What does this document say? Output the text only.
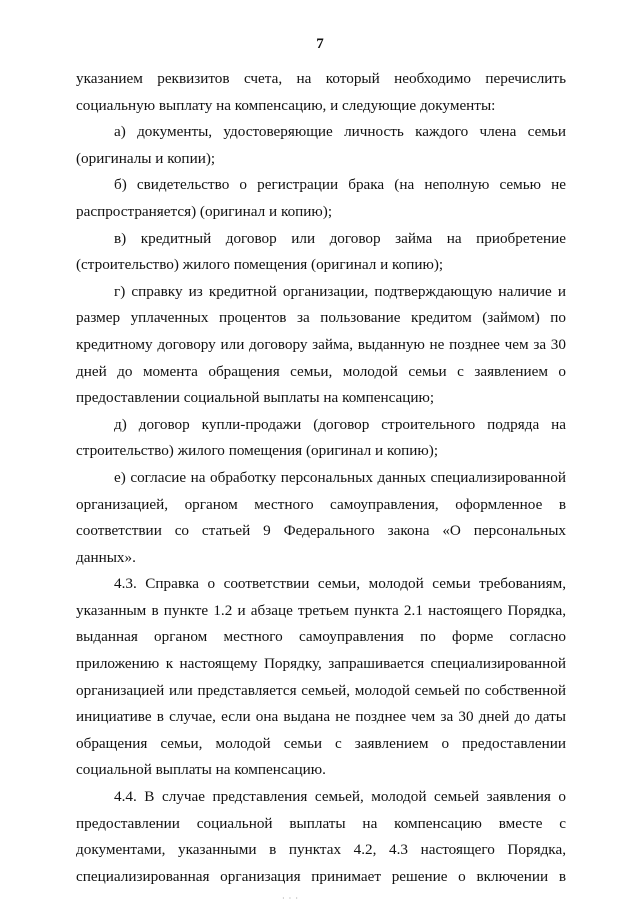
7

указанием реквизитов счета, на который необходимо перечислить социальную выплату на компенсацию, и следующие документы:

а) документы, удостоверяющие личность каждого члена семьи (оригиналы и копии);

б) свидетельство о регистрации брака (на неполную семью не распространяется) (оригинал и копию);

в) кредитный договор или договор займа на приобретение (строительство) жилого помещения (оригинал и копию);

г) справку из кредитной организации, подтверждающую наличие и размер уплаченных процентов за пользование кредитом (займом) по кредитному договору или договору займа, выданную не позднее чем за 30 дней до момента обращения семьи, молодой семьи с заявлением о предоставлении социальной выплаты на компенсацию;

д) договор купли-продажи (договор строительного подряда на строительство) жилого помещения (оригинал и копию);

е) согласие на обработку персональных данных специализированной организацией, органом местного самоуправления, оформленное в соответствии со статьей 9 Федерального закона «О персональных данных».

4.3. Справка о соответствии семьи, молодой семьи требованиям, указанным в пункте 1.2 и абзаце третьем пункта 2.1 настоящего Порядка, выданная органом местного самоуправления по форме согласно приложению к настоящему Порядку, запрашивается специализированной организацией или представляется семьей, молодой семьей по собственной инициативе в случае, если она выдана не позднее чем за 30 дней до даты обращения семьи, молодой семьи с заявлением о предоставлении социальной выплаты на компенсацию.

4.4. В случае представления семьей, молодой семьей заявления о предоставлении социальной выплаты на компенсацию вместе с документами, указанными в пунктах 4.2, 4.3 настоящего Порядка, специализированная организация принимает решение о включении в

· · ·
